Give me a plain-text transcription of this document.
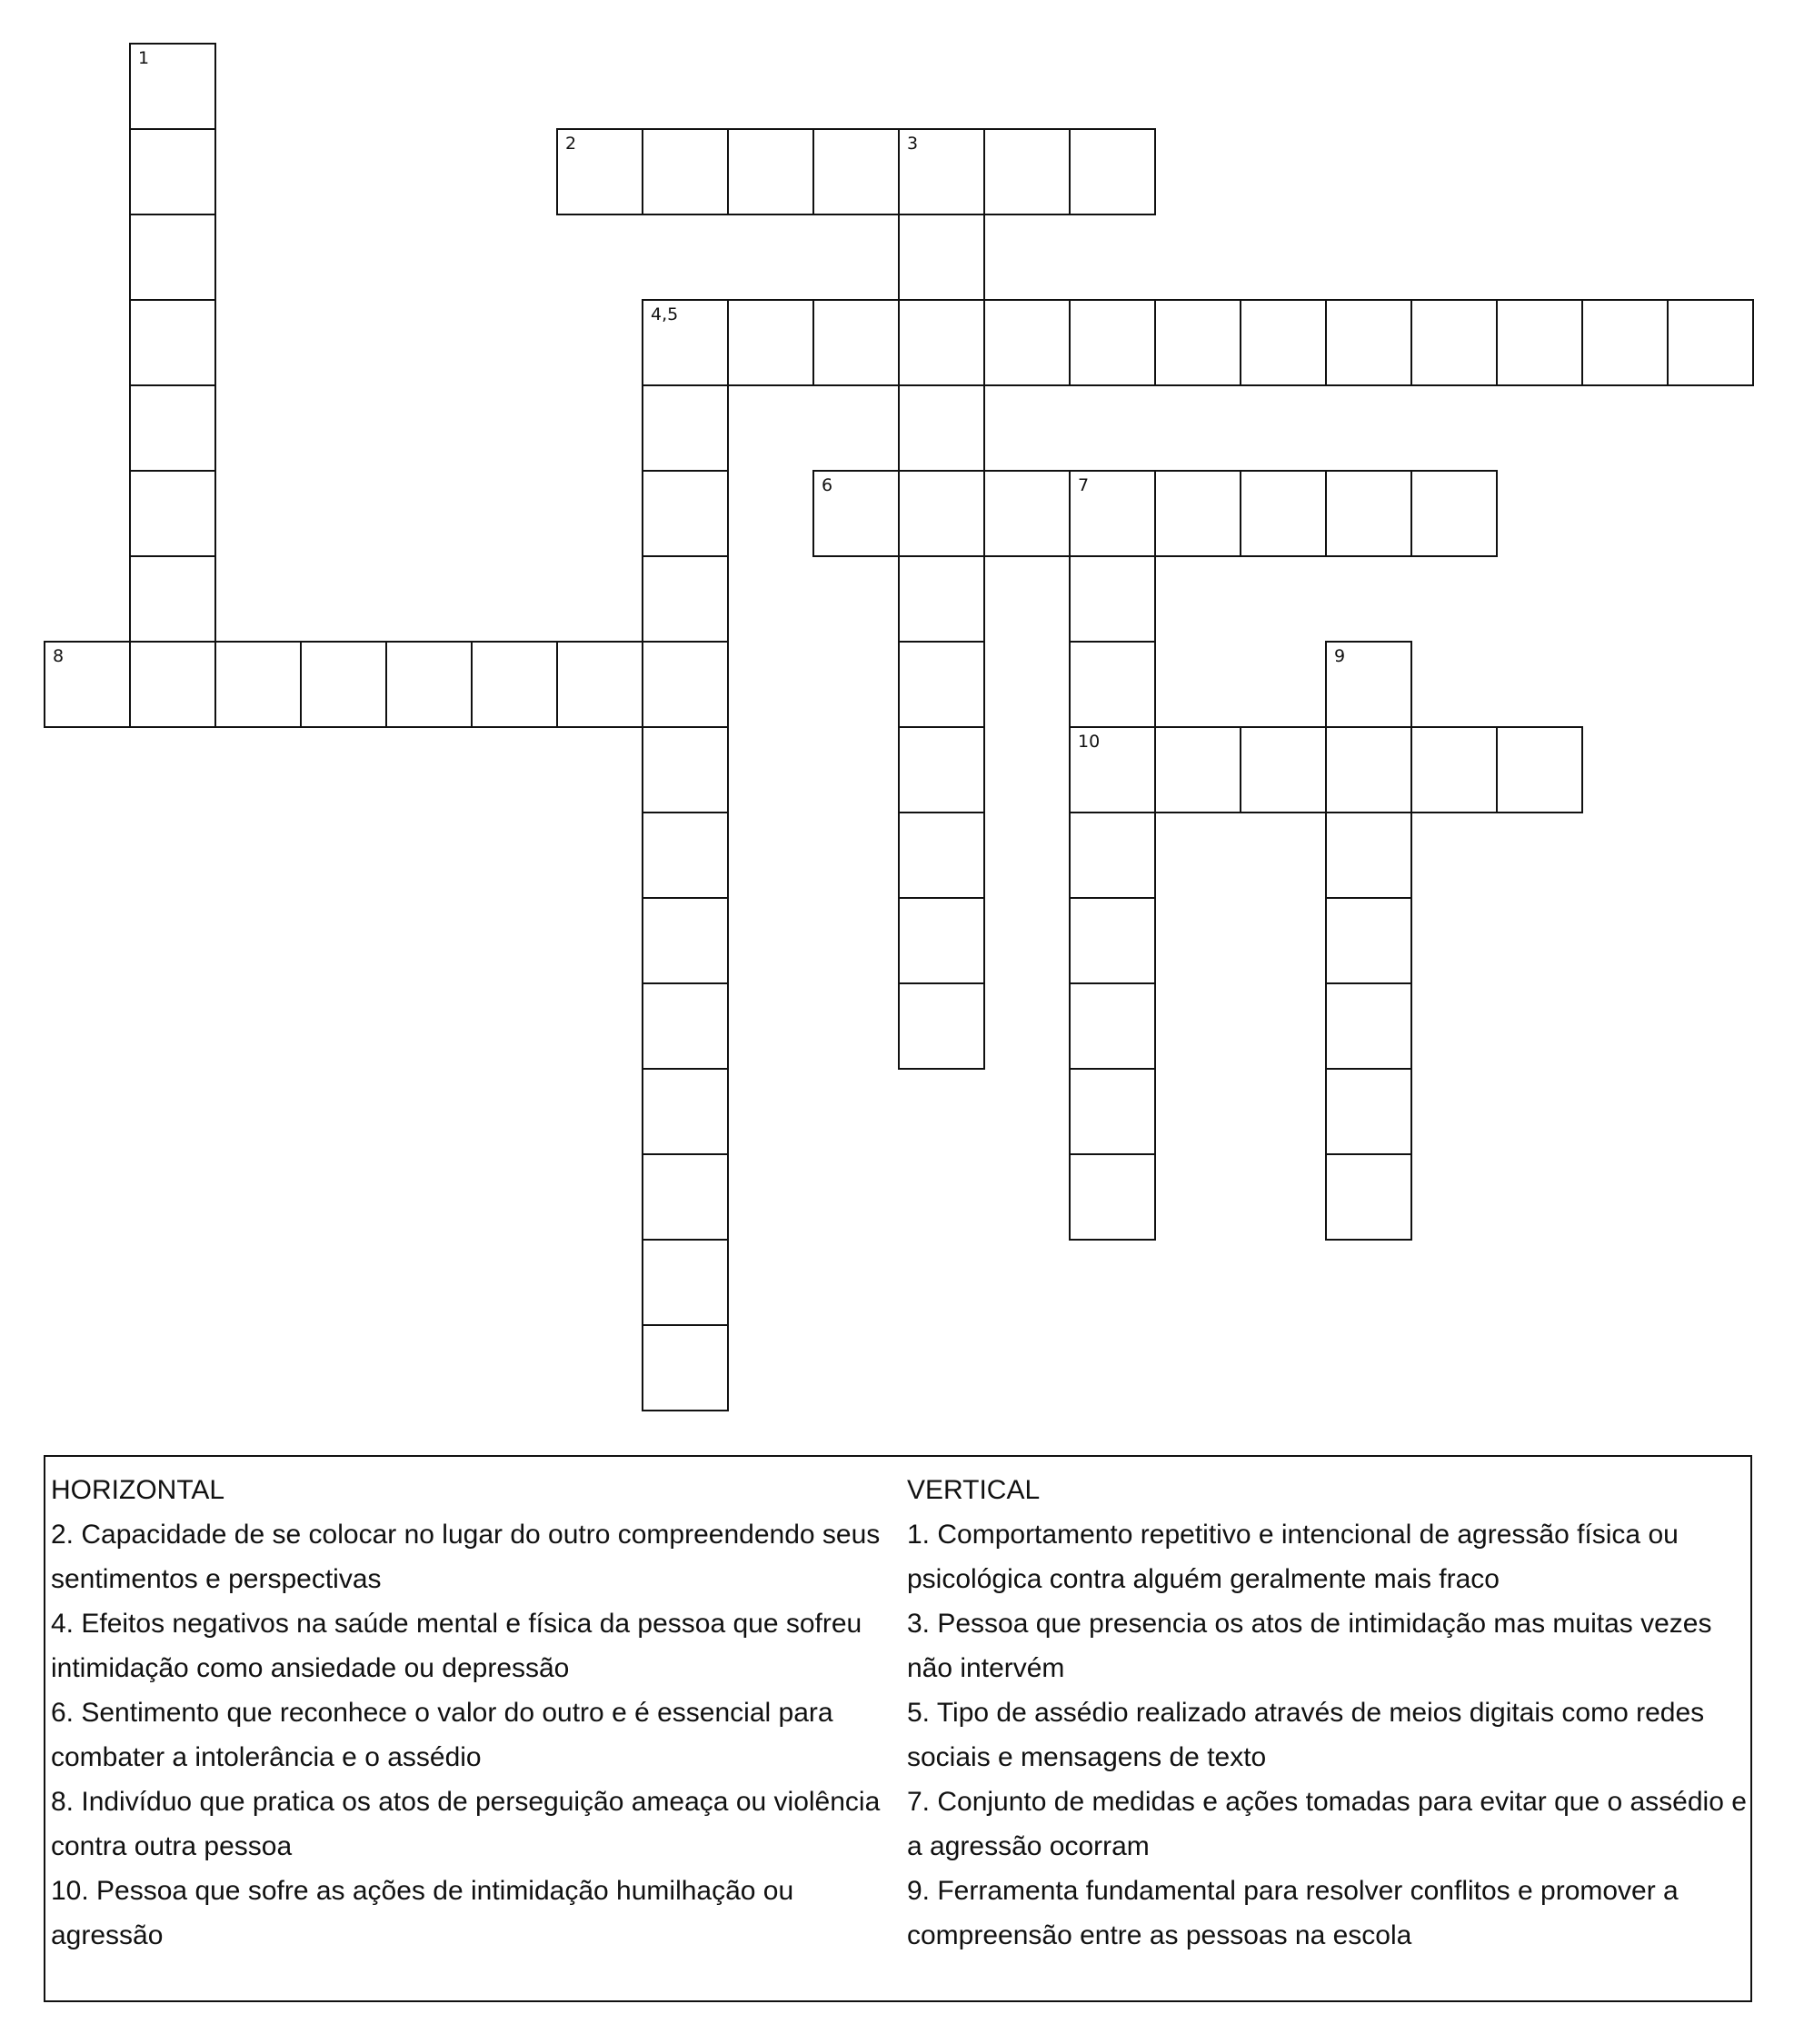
1
2	3
4,5
6	7
10
8	9
HORIZONTAL
2. Capacidade de se colocar no lugar do outro compreendendo seus sentimentos e perspectivas
4. Efeitos negativos na saúde mental e física da pessoa que sofreu intimidação como ansiedade ou depressão
6. Sentimento que reconhece o valor do outro e é essencial para combater a intolerância e o assédio
8. Indivíduo que pratica os atos de perseguição ameaça ou violência contra outra pessoa
10. Pessoa que sofre as ações de intimidação humilhação ou agressão
VERTICAL
1. Comportamento repetitivo e intencional de agressão física ou psicológica contra alguém geralmente mais fraco
3. Pessoa que presencia os atos de intimidação mas muitas vezes não intervém
5. Tipo de assédio realizado através de meios digitais como redes sociais e mensagens de texto
7. Conjunto de medidas e ações tomadas para evitar que o assédio e a agressão ocorram
9. Ferramenta fundamental para resolver conflitos e promover a compreensão entre as pessoas na escola
